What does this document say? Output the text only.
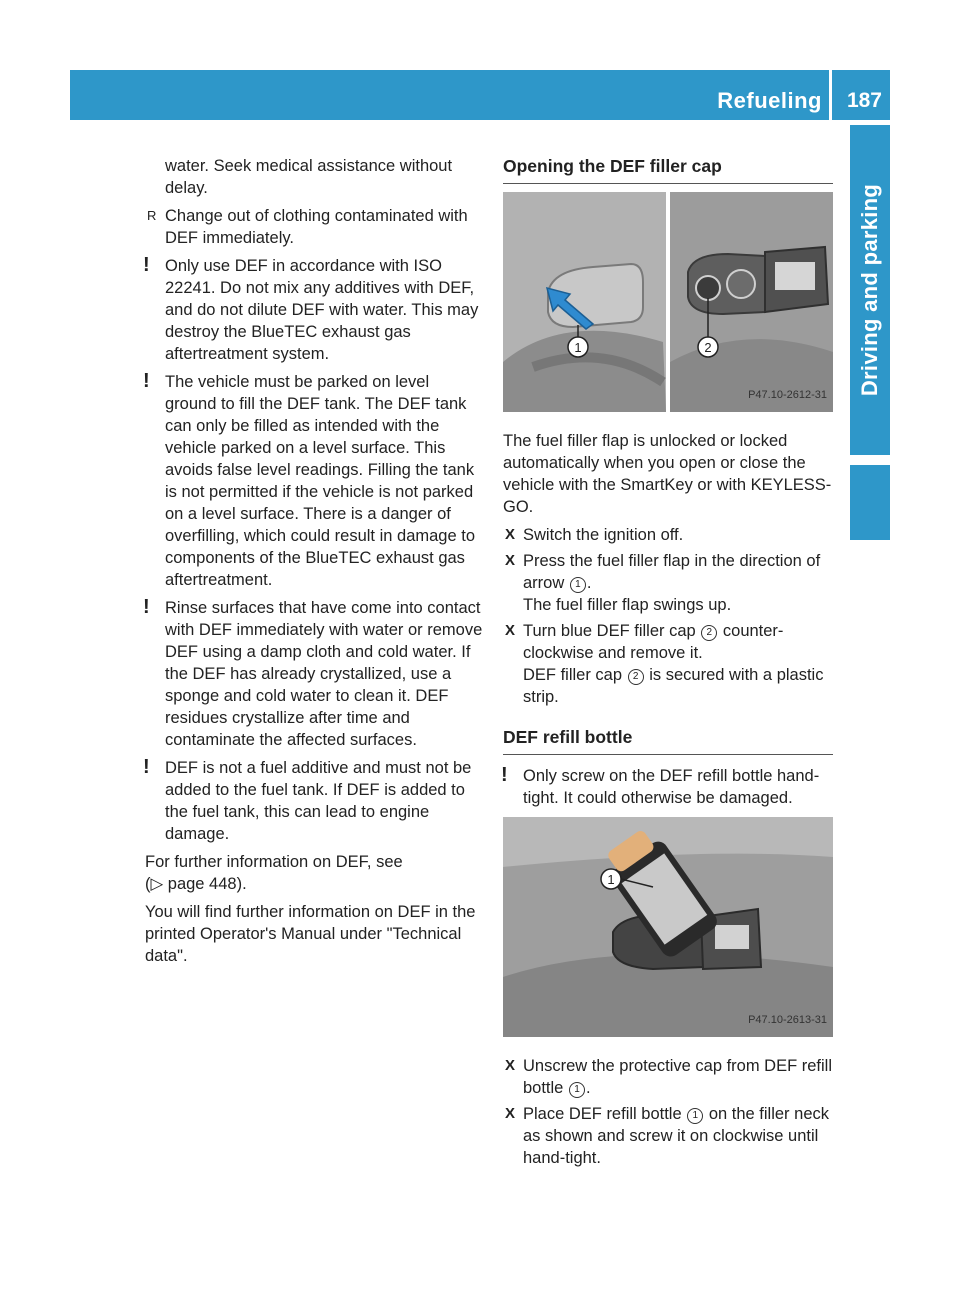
Refueling 187
Driving and parking

water. Seek medical assistance without delay.

R Change out of clothing contaminated with DEF immediately.
! Only use DEF in accordance with ISO 22241. Do not mix any additives with DEF, and do not dilute DEF with water. This may destroy the BlueTEC exhaust gas aftertreatment system.
! The vehicle must be parked on level ground to fill the DEF tank. The DEF tank can only be filled as intended with the vehicle parked on a level surface. This avoids false level readings. Filling the tank is not permitted if the vehicle is not parked on a level surface. There is a danger of overfilling, which could result in damage to components of the BlueTEC exhaust gas aftertreatment.
! Rinse surfaces that have come into contact with DEF immediately with water or remove DEF using a damp cloth and cold water. If the DEF has already crystallized, use a sponge and cold water to clean it. DEF residues crystallize after time and contaminate the affected surfaces.
! DEF is not a fuel additive and must not be added to the fuel tank. If DEF is added to the fuel tank, this can lead to engine damage.

For further information on DEF, see
(▷ page 448).

You will find further information on DEF in the printed Operator's Manual under "Technical data".

Opening the DEF filler cap
1	2
P47.10-2612-31

The fuel filler flap is unlocked or locked automatically when you open or close the vehicle with the SmartKey or with KEYLESS-GO.

X Switch the ignition off.
X Press the fuel filler flap in the direction of arrow 1 .
The fuel filler flap swings up.
X Turn blue DEF filler cap 2 counter-clockwise and remove it.
DEF filler cap 2 is secured with a plastic strip.
DEF refill bottle
! Only screw on the DEF refill bottle hand-tight. It could otherwise be damaged.
1
P47.10-2613-31
X Unscrew the protective cap from DEF refill bottle 1 .
X Place DEF refill bottle 1 on the filler neck as shown and screw it on clockwise until hand-tight.
